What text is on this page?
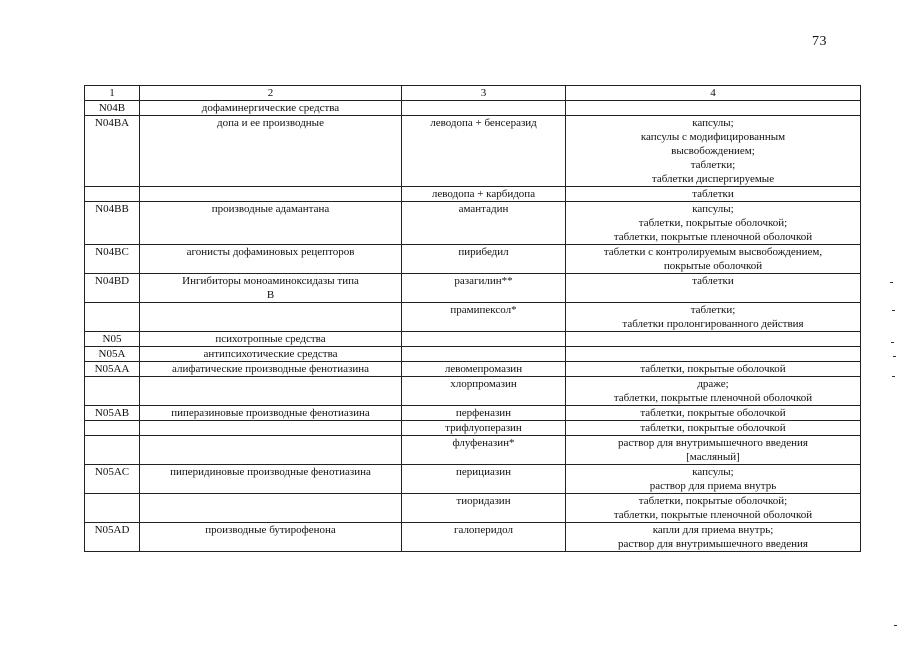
73
1	2	3	4
N04B	дофаминергические средства		
N04BA	допа и ее производные	леводопа + бенсеразид	капсулы;
капсулы с модифицированным
высвобождением;
таблетки;
таблетки диспергируемые

		леводопа + карбидопа	таблетки

N04BB	производные адамантана	амантадин	капсулы;
таблетки, покрытые оболочкой;
таблетки, покрытые пленочной оболочкой

N04BC	агонисты дофаминовых рецепторов	пирибедил	таблетки с контролируемым высвобождением,
покрытые оболочкой

N04BD	Ингибиторы моноаминоксидазы типа
В	разагилин**	таблетки

		прамипексол*	таблетки;
таблетки пролонгированного действия

N05	психотропные средства		
N05A	антипсихотические средства		
N05AA	алифатические производные фенотиазина	левомепромазин	таблетки, покрытые оболочкой

		хлорпромазин	драже;
таблетки, покрытые пленочной оболочкой

N05AB	пиперазиновые производные фенотиазина	перфеназин	таблетки, покрытые оболочкой

		трифлуоперазин	таблетки, покрытые оболочкой

		флуфеназин*	раствор для внутримышечного введения
[масляный]

N05AC	пиперидиновые производные фенотиазина	перициазин	капсулы;
раствор для приема внутрь

		тиоридазин	таблетки, покрытые оболочкой;
таблетки, покрытые пленочной оболочкой

N05AD	производные бутирофенона	галоперидол	капли для приема внутрь;
раствор для внутримышечного введения
